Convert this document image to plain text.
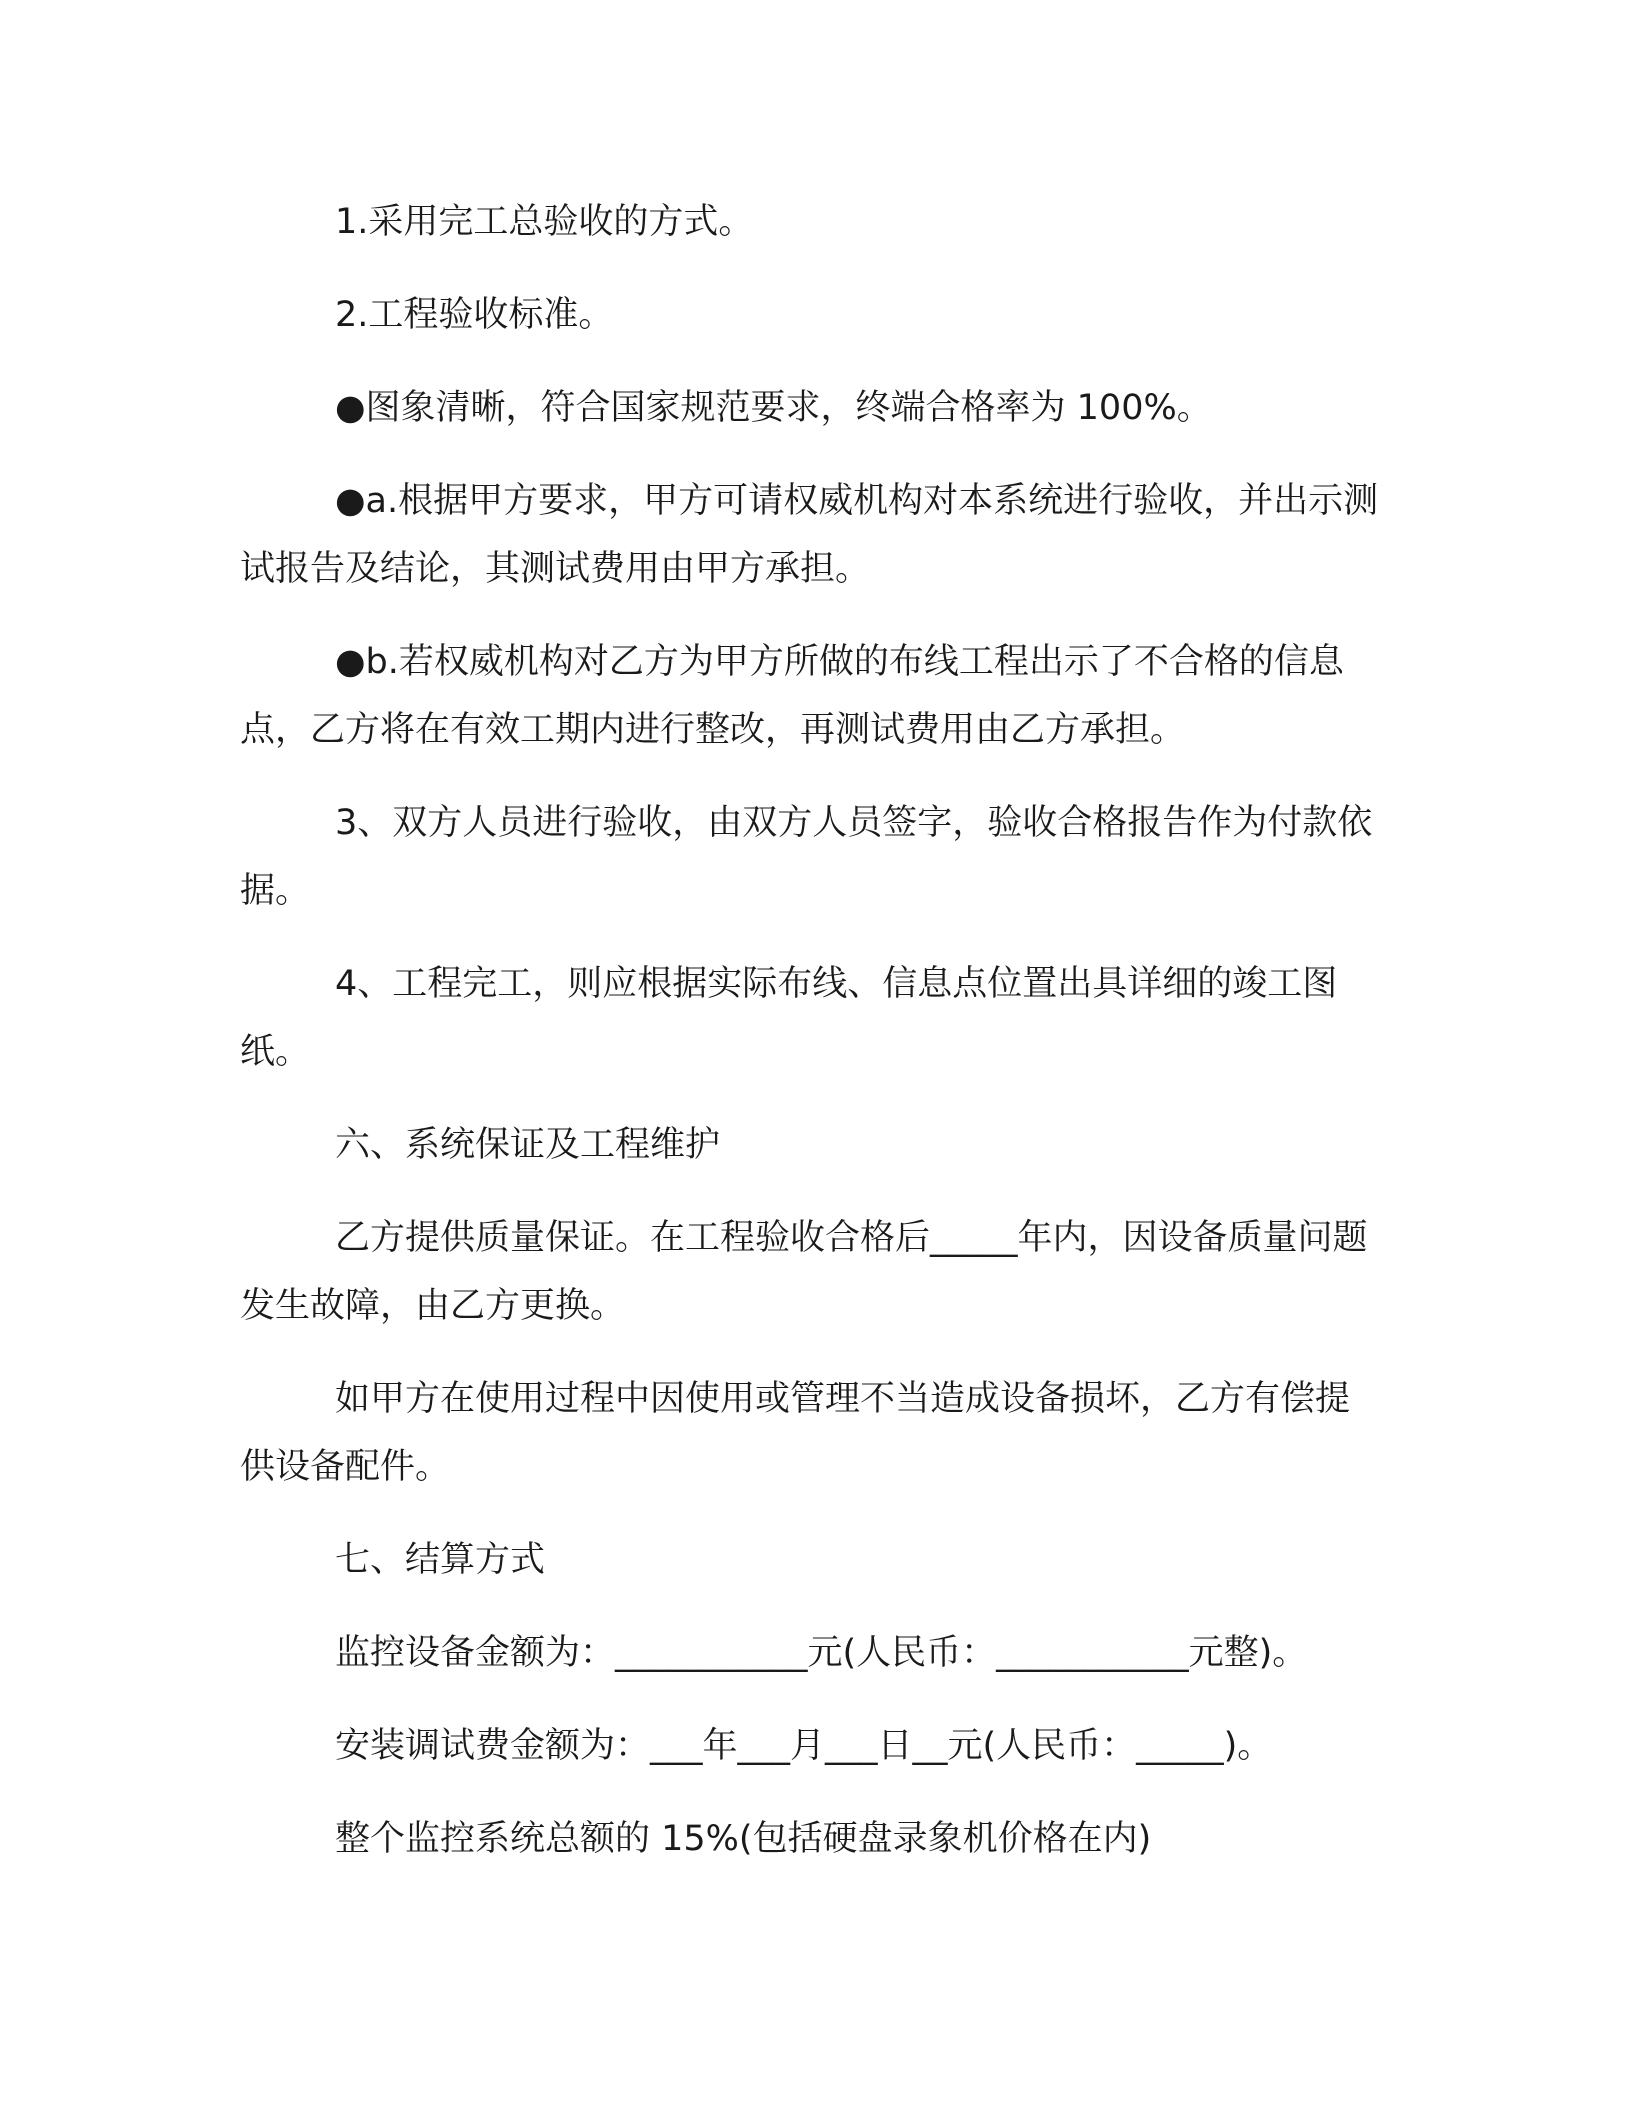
1.采用完工总验收的方式。

2.工程验收标准。

●图象清晰，符合国家规范要求，终端合格率为 100%。

●a.根据甲方要求，甲方可请权威机构对本系统进行验收，并出示测试报告及结论，其测试费用由甲方承担。

●b.若权威机构对乙方为甲方所做的布线工程出示了不合格的信息点，乙方将在有效工期内进行整改，再测试费用由乙方承担。

3、双方人员进行验收，由双方人员签字，验收合格报告作为付款依据。

4、工程完工，则应根据实际布线、信息点位置出具详细的竣工图纸。

六、系统保证及工程维护

乙方提供质量保证。在工程验收合格后_____年内，因设备质量问题发生故障，由乙方更换。

如甲方在使用过程中因使用或管理不当造成设备损坏，乙方有偿提供设备配件。

七、结算方式

监控设备金额为：___________元(人民币：___________元整)。

安装调试费金额为：___年___月___日__元(人民币：_____)。

整个监控系统总额的 15%(包括硬盘录象机价格在内)
